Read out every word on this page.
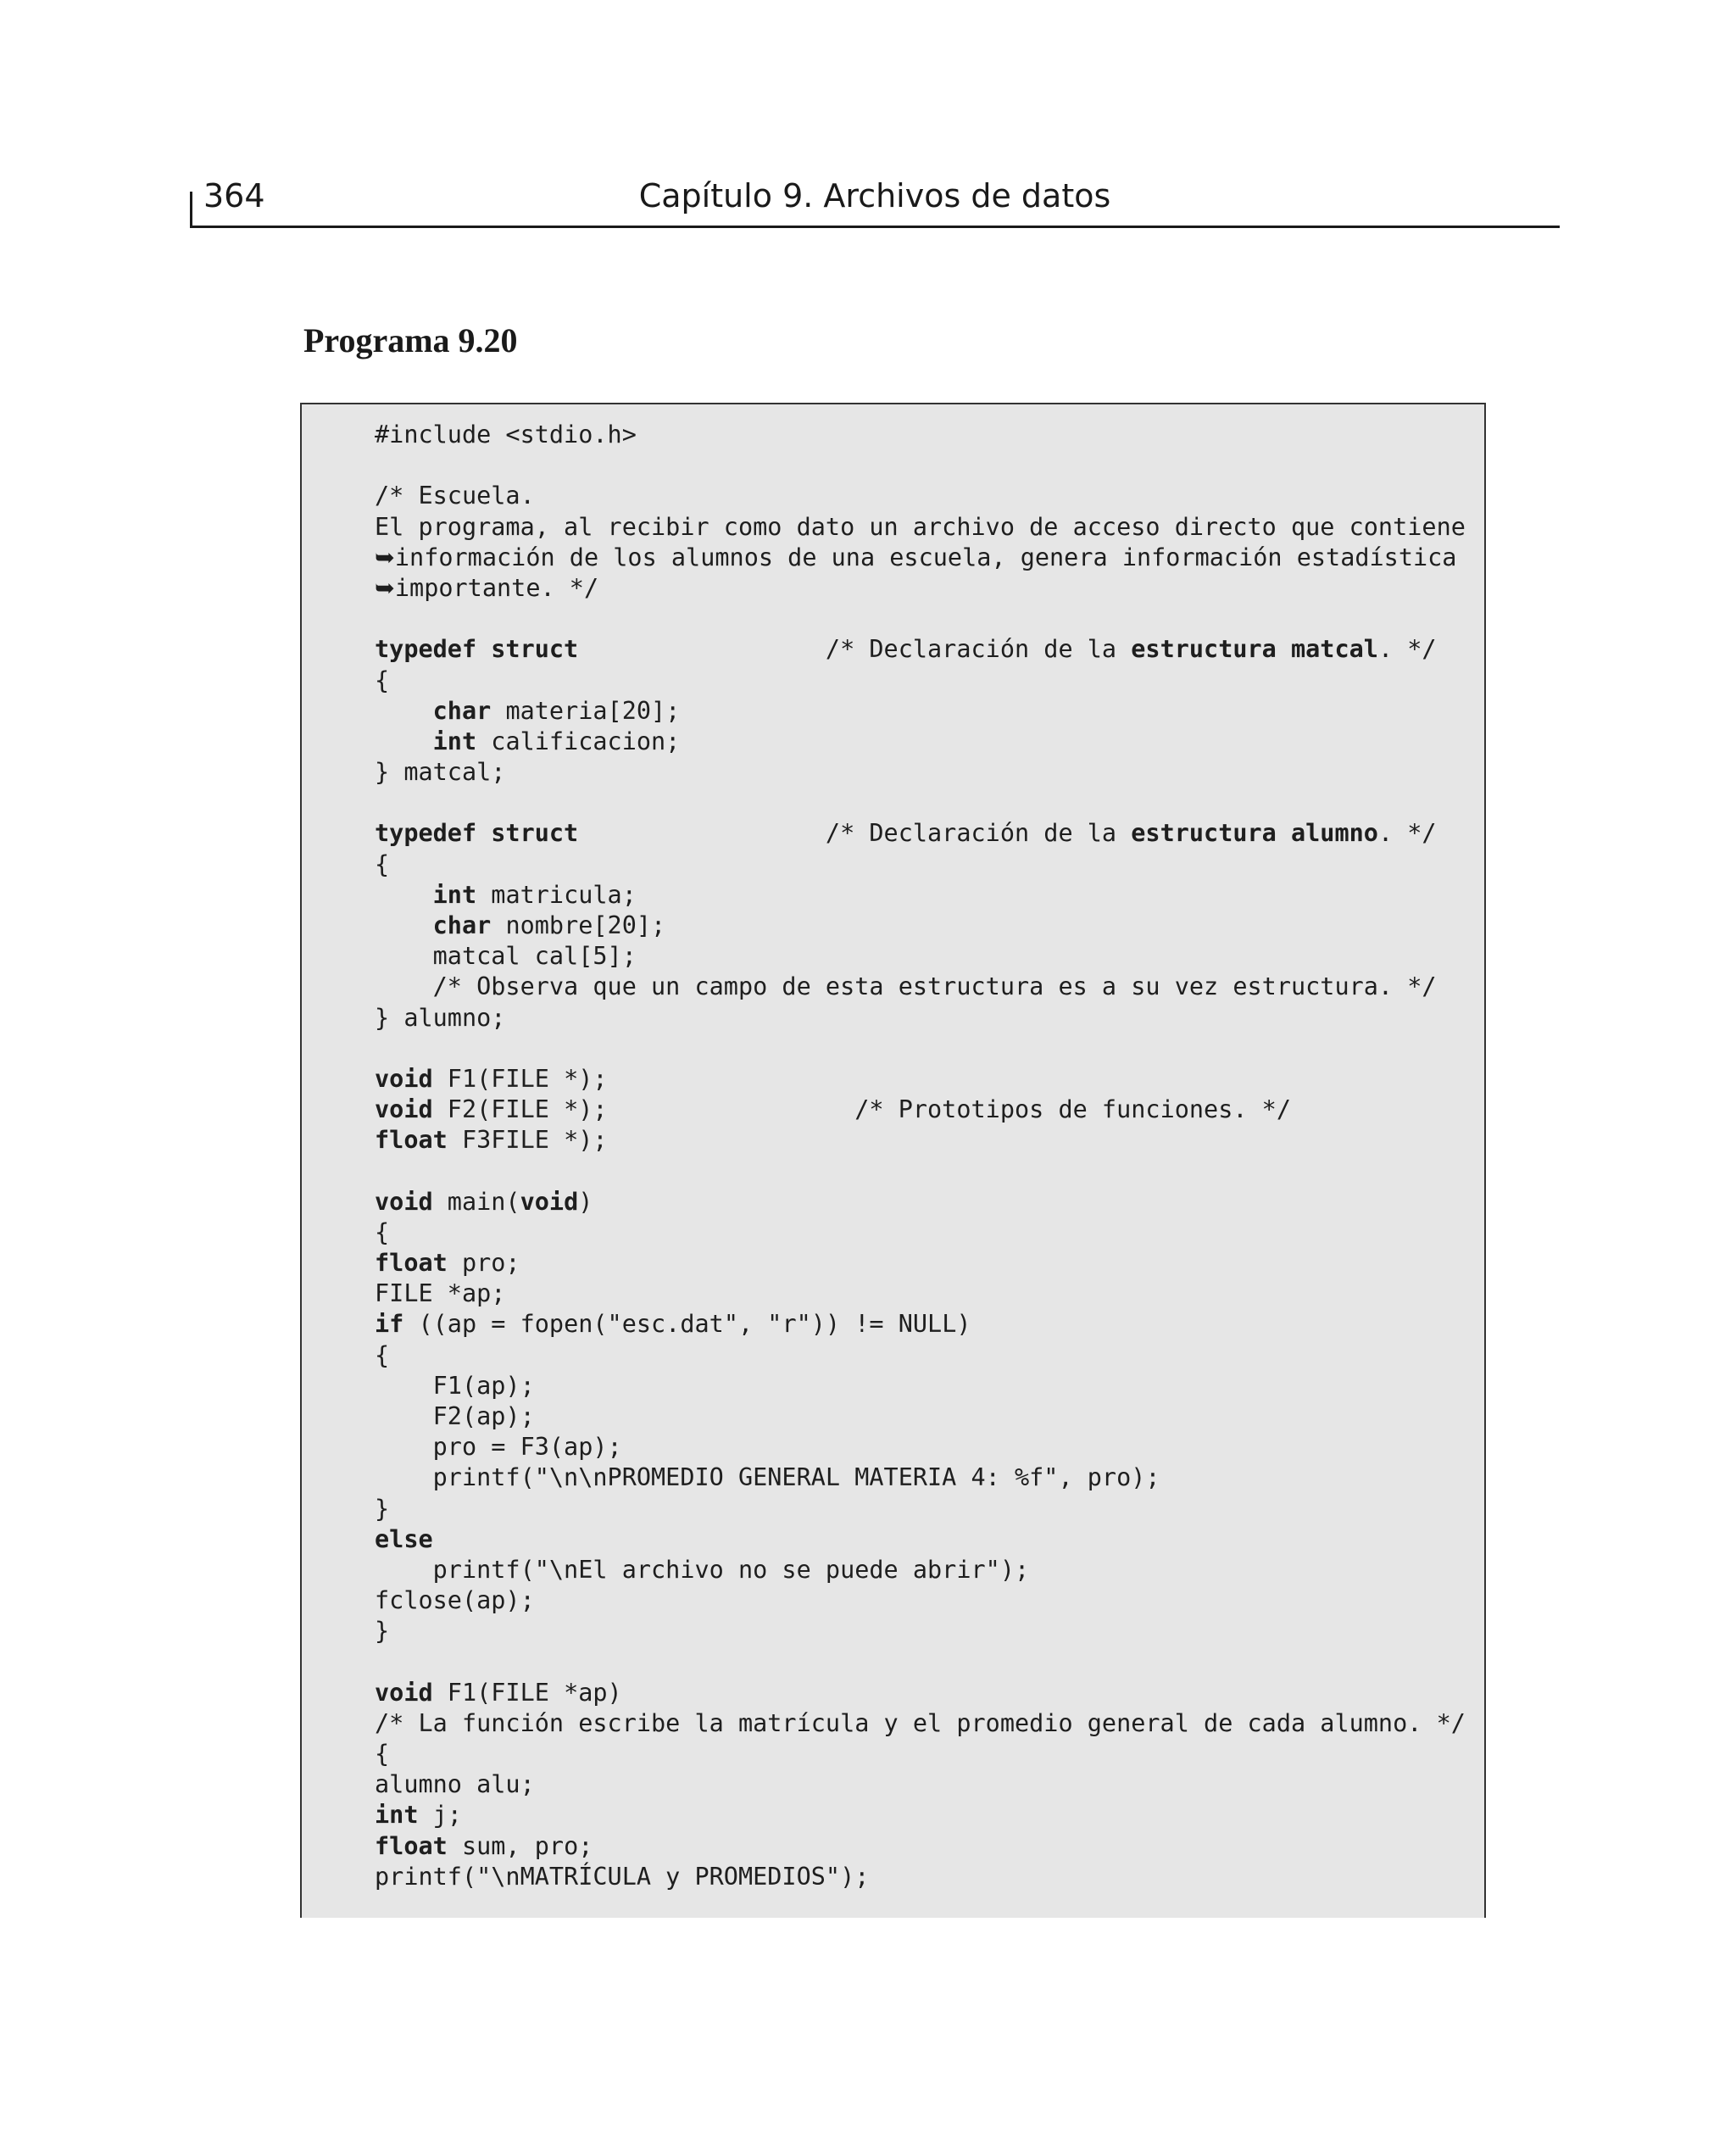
364	Capítulo 9. Archivos de datos
Programa 9.20
#include <stdio.h>

/* Escuela.
El programa, al recibir como dato un archivo de acceso directo que contiene
➥información de los alumnos de una escuela, genera información estadística
➥importante. */

typedef struct                 /* Declaración de la estructura matcal. */
{
char materia[20];
int calificacion;
} matcal;

typedef struct                 /* Declaración de la estructura alumno. */
{
int matricula;
char nombre[20];
matcal cal[5];
/* Observa que un campo de esta estructura es a su vez estructura. */
} alumno;

void F1(FILE *);
void F2(FILE *);                 /* Prototipos de funciones. */
float F3FILE *);

void main(void)
{
float pro;
FILE *ap;
if ((ap = fopen("esc.dat", "r")) != NULL)
{
F1(ap);
F2(ap);
pro = F3(ap);
printf("\n\nPROMEDIO GENERAL MATERIA 4: %f", pro);
}
else
printf("\nEl archivo no se puede abrir");
fclose(ap);
}

void F1(FILE *ap)
/* La función escribe la matrícula y el promedio general de cada alumno. */
{
alumno alu;
int j;
float sum, pro;
printf("\nMATRÍCULA y PROMEDIOS");
